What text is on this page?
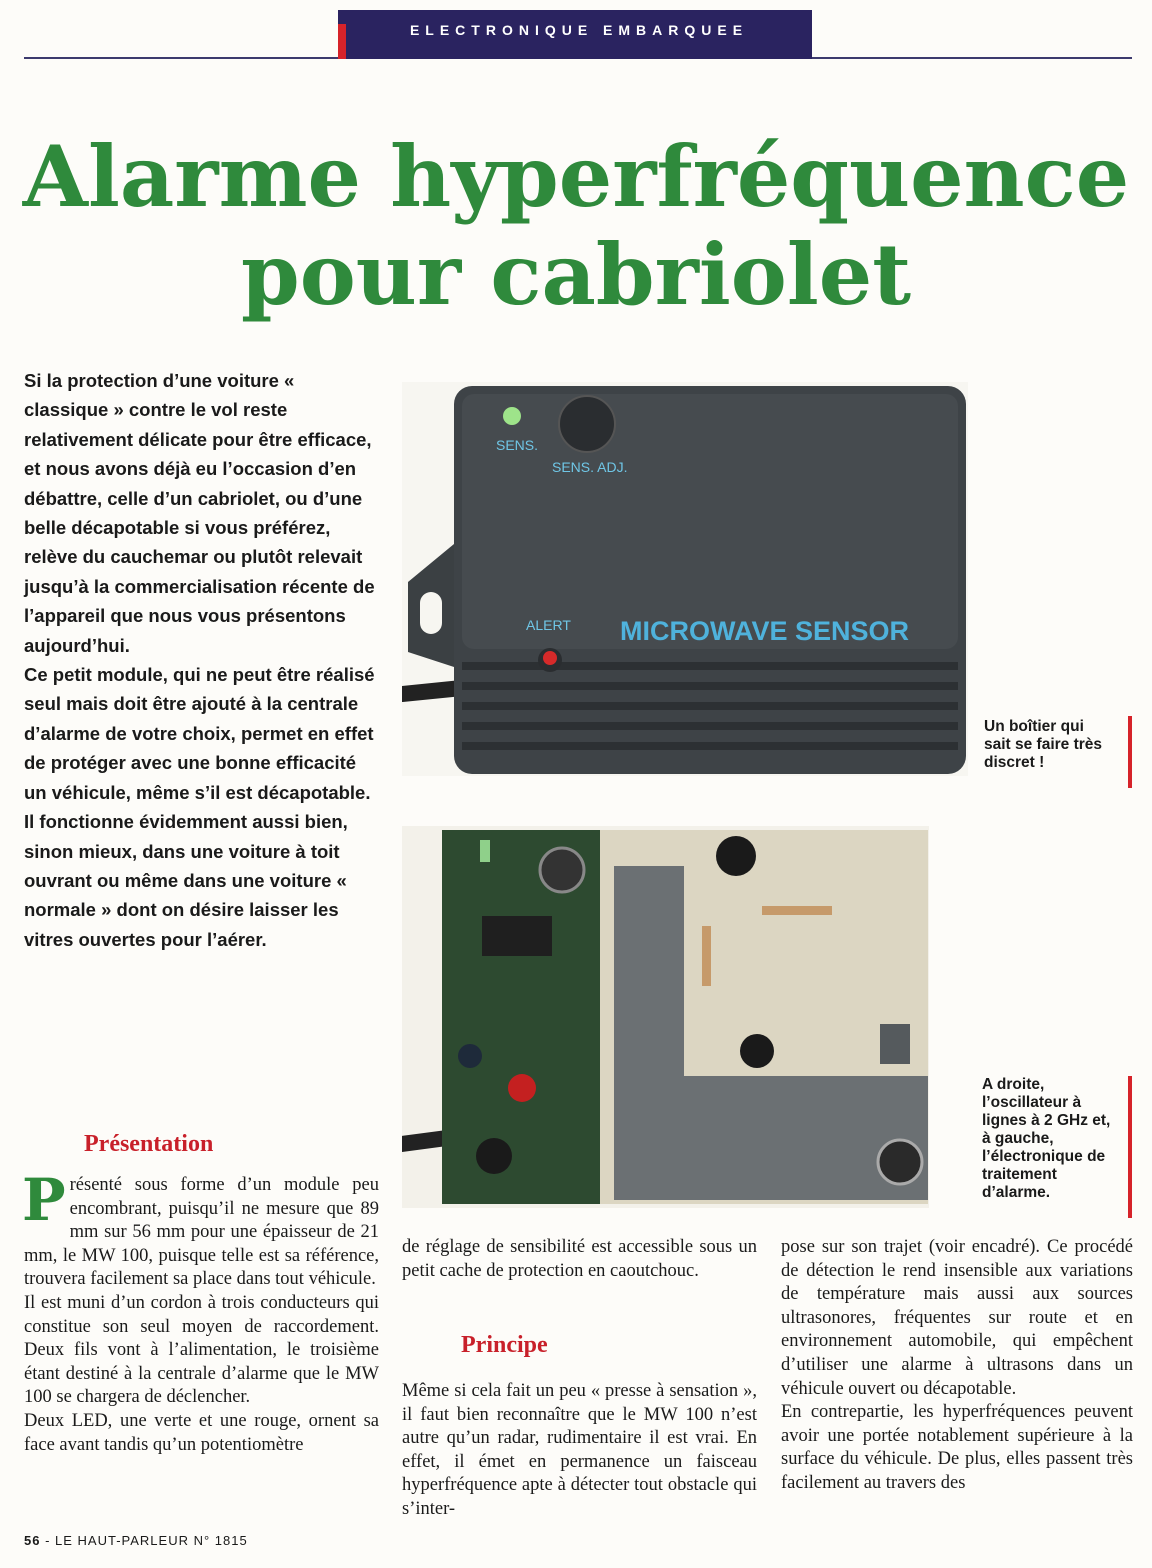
ELECTRONIQUE EMBARQUEE
Alarme hyperfréquence
pour cabriolet

Si la protection d’une voiture « classique » contre le vol reste relativement délicate pour être efficace, et nous avons déjà eu l’occasion d’en débattre, celle d’un cabriolet, ou d’une belle décapotable si vous préférez, relève du cauchemar ou plutôt relevait jusqu’à la commercialisation récente de l’appareil que nous vous présentons aujourd’hui.

Ce petit module, qui ne peut être réalisé seul mais doit être ajouté à la centrale d’alarme de votre choix, permet en effet de protéger avec une bonne efficacité un véhicule, même s’il est décapotable. Il fonctionne évidemment aussi bien, sinon mieux, dans une voiture à toit ouvrant ou même dans une voiture « normale » dont on désire laisser les vitres ouvertes pour l’aérer.

SENS.
SENS. ADJ.
ALERT MICROWAVE SENSOR

Un boîtier qui sait se faire très discret !

A droite, l’oscillateur à lignes à 2 GHz et, à gauche, l’électronique de traitement d’alarme.

Présentation

Présenté sous forme d’un module peu encombrant, puisqu’il ne mesure que 89 mm sur 56 mm pour une épaisseur de 21 mm, le MW 100, puisque telle est sa référence, trouvera facilement sa place dans tout véhicule.

Il est muni d’un cordon à trois conducteurs qui constitue son seul moyen de raccordement. Deux fils vont à l’alimentation, le troisième étant destiné à la centrale d’alarme que le MW 100 se chargera de déclencher.

Deux LED, une verte et une rouge, ornent sa face avant tandis qu’un potentiomètre

de réglage de sensibilité est accessible sous un petit cache de protection en caoutchouc.

Principe

Même si cela fait un peu « presse à sensation », il faut bien reconnaître que le MW 100 n’est autre qu’un radar, rudimentaire il est vrai. En effet, il émet en permanence un faisceau hyperfréquence apte à détecter tout obstacle qui s’inter-

pose sur son trajet (voir encadré). Ce procédé de détection le rend insensible aux variations de température mais aussi aux sources ultrasonores, fréquentes sur route et en environnement automobile, qui empêchent d’utiliser une alarme à ultrasons dans un véhicule ouvert ou décapotable.

En contrepartie, les hyperfréquences peuvent avoir une portée notablement supérieure à la surface du véhicule. De plus, elles passent très facilement au travers des

56 - LE HAUT-PARLEUR N° 1815
